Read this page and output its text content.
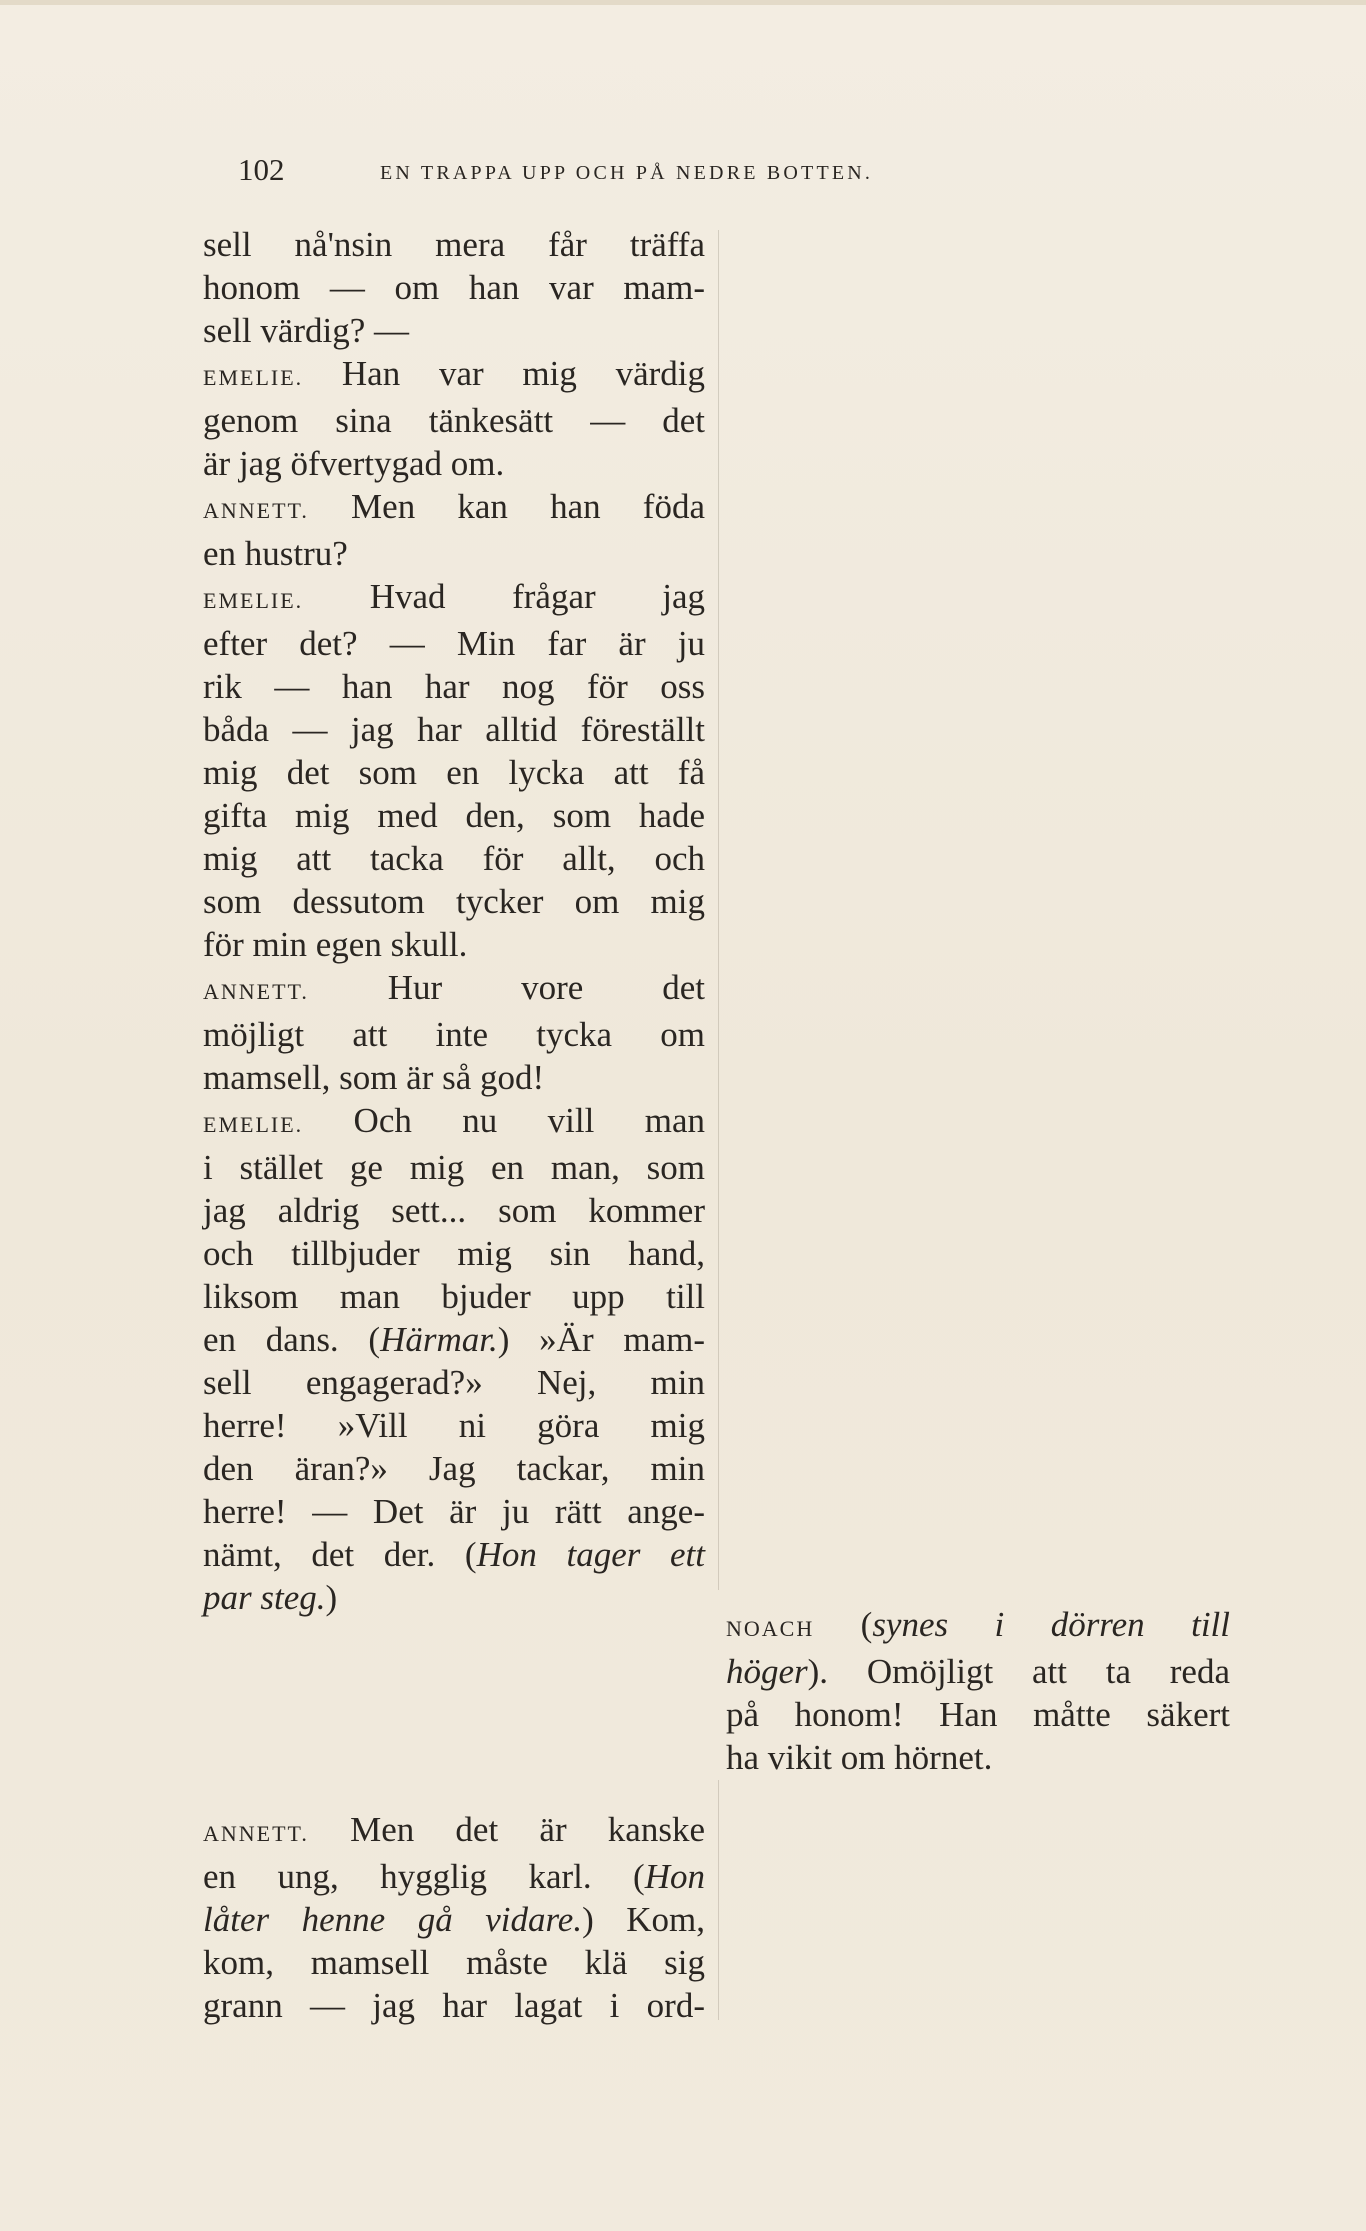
102	EN TRAPPA UPP OCH PÅ NEDRE BOTTEN.
sell nå'nsin mera får träffa
honom — om han var mam-
sell värdig? —
EMELIE. Han var mig värdig
genom sina tänkesätt — det
är jag öfvertygad om.
ANNETT. Men kan han föda
en hustru?
EMELIE. Hvad frågar jag
efter det? — Min far är ju
rik — han har nog för oss
båda — jag har alltid föreställt
mig det som en lycka att få
gifta mig med den, som hade
mig att tacka för allt, och
som dessutom tycker om mig
för min egen skull.
ANNETT. Hur vore det
möjligt att inte tycka om
mamsell, som är så god!
EMELIE. Och nu vill man
i stället ge mig en man, som
jag aldrig sett... som kommer
och tillbjuder mig sin hand,
liksom man bjuder upp till
en dans. (Härmar.) »Är mam-
sell engagerad?» Nej, min
herre! »Vill ni göra mig
den äran?» Jag tackar, min
herre! — Det är ju rätt ange-
nämt, det der. (Hon tager ett
par steg.)
NOACH (synes i dörren till
höger). Omöjligt att ta reda
på honom! Han måtte säkert
ha vikit om hörnet.
ANNETT. Men det är kanske
en ung, hygglig karl. (Hon
låter henne gå vidare.) Kom,
kom, mamsell måste klä sig
grann — jag har lagat i ord-
